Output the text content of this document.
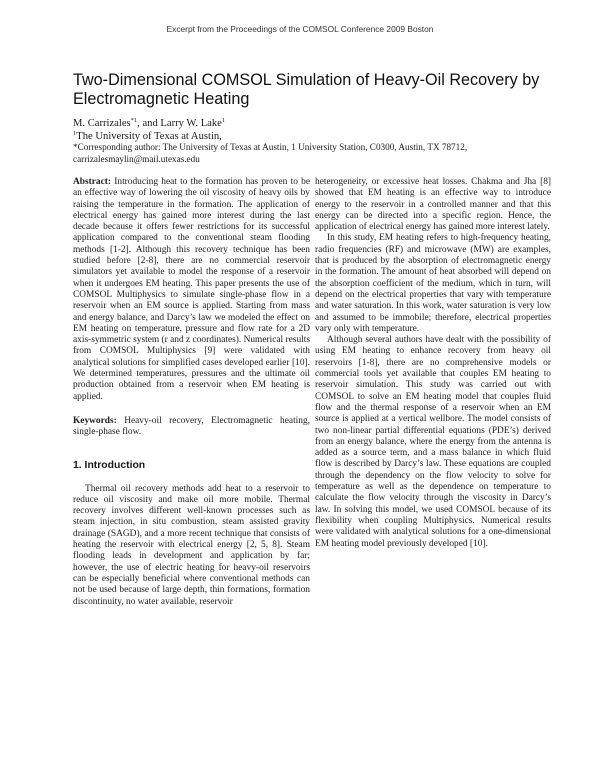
Excerpt from the Proceedings of the COMSOL Conference 2009 Boston
Two-Dimensional COMSOL Simulation of Heavy-Oil Recovery by Electromagnetic Heating
M. Carrizales$^{*1}$, and Larry W. Lake$^1$
$^1$The University of Texas at Austin,
*Corresponding author: The University of Texas at Austin, 1 University Station, C0300, Austin, TX 78712, carrizalesmaylin@mail.utexas.edu

Abstract: Introducing heat to the formation has proven to be an effective way of lowering the oil viscosity of heavy oils by raising the temperature in the formation. The application of electrical energy has gained more interest during the last decade because it offers fewer restrictions for its successful application compared to the conventional steam flooding methods [1-2]. Although this recovery technique has been studied before [2-8], there are no commercial reservoir simulators yet available to model the response of a reservoir when it undergoes EM heating. This paper presents the use of COMSOL Multiphysics to simulate single-phase flow in a reservoir when an EM source is applied. Starting from mass and energy balance, and Darcy’s law we modeled the effect on EM heating on temperature, pressure and flow rate for a 2D axis-symmetric system (r and z coordinates). Numerical results from COMSOL Multiphysics [9] were validated with analytical solutions for simplified cases developed earlier [10]. We determined temperatures, pressures and the ultimate oil production obtained from a reservoir when EM heating is applied.

Keywords: Heavy-oil recovery, Electromagnetic heating, single-phase flow.

1. Introduction

Thermal oil recovery methods add heat to a reservoir to reduce oil viscosity and make oil more mobile. Thermal recovery involves different well-known processes such as steam injection, in situ combustion, steam assisted gravity drainage (SAGD), and a more recent technique that consists of heating the reservoir with electrical energy [2, 5, 8]. Steam flooding leads in development and application by far; however, the use of electric heating for heavy-oil reservoirs can be especially beneficial where conventional methods can not be used because of large depth, thin formations, formation discontinuity, no water available, reservoir

heterogeneity, or excessive heat losses. Chakma and Jha [8] showed that EM heating is an effective way to introduce energy to the reservoir in a controlled manner and that this energy can be directed into a specific region. Hence, the application of electrical energy has gained more interest lately.

In this study, EM heating refers to high-frequency heating, radio frequencies (RF) and microwave (MW) are examples, that is produced by the absorption of electromagnetic energy in the formation. The amount of heat absorbed will depend on the absorption coefficient of the medium, which in turn, will depend on the electrical properties that vary with temperature and water saturation. In this work, water saturation is very low and assumed to be immobile; therefore, electrical properties vary only with temperature.

Although several authors have dealt with the possibility of using EM heating to enhance recovery from heavy oil reservoirs [1-8], there are no comprehensive models or commercial tools yet available that couples EM heating to reservoir simulation. This study was carried out with COMSOL to solve an EM heating model that couples fluid flow and the thermal response of a reservoir when an EM source is applied at a vertical wellbore. The model consists of two non-linear partial differential equations (PDE’s) derived from an energy balance, where the energy from the antenna is added as a source term, and a mass balance in which fluid flow is described by Darcy’s law. These equations are coupled through the dependency on the flow velocity to solve for temperature as well as the dependence on temperature to calculate the flow velocity through the viscosity in Darcy’s law. In solving this model, we used COMSOL because of its flexibility when coupling Multiphysics. Numerical results were validated with analytical solutions for a one-dimensional EM heating model previously developed [10].
